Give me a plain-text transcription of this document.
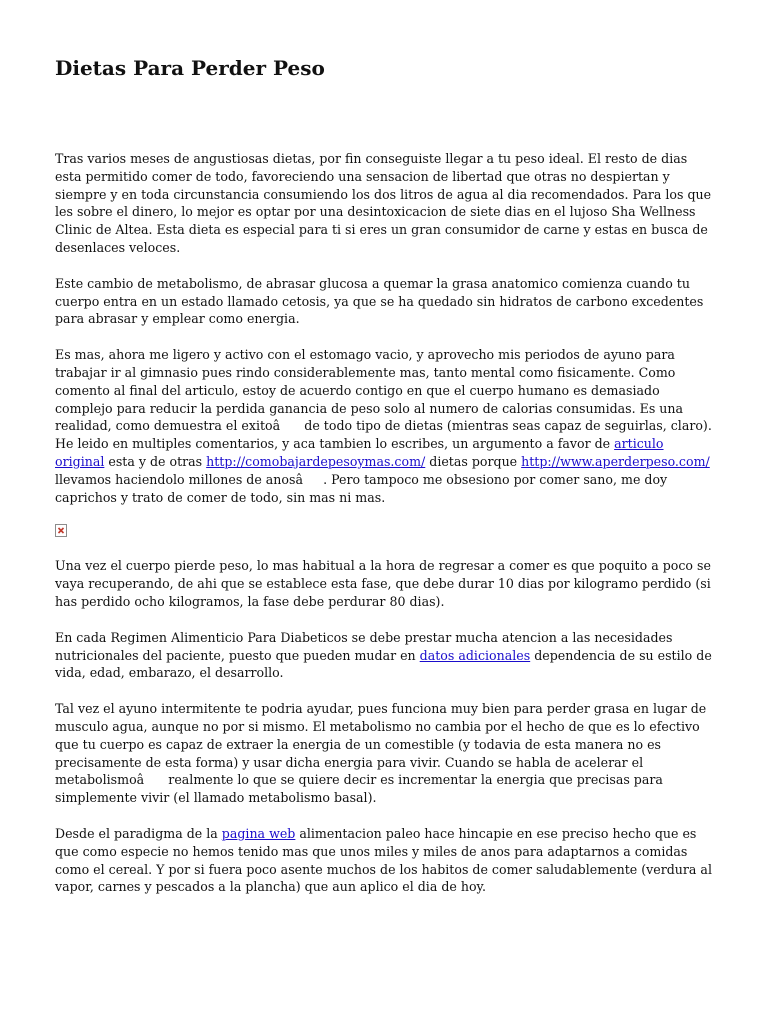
Dietas Para Perder Peso

Tras varios meses de angustiosas dietas, por fin conseguiste llegar a tu peso ideal. El resto de dias esta permitido comer de todo, favoreciendo una sensacion de libertad que otras no despiertan y siempre y en toda circunstancia consumiendo los dos litros de agua al dia recomendados. Para los que les sobre el dinero, lo mejor es optar por una desintoxicacion de siete dias en el lujoso Sha Wellness Clinic de Altea. Esta dieta es especial para ti si eres un gran consumidor de carne y estas en busca de desenlaces veloces.

Este cambio de metabolismo, de abrasar glucosa a quemar la grasa anatomico comienza cuando tu cuerpo entra en un estado llamado cetosis, ya que se ha quedado sin hidratos de carbono excedentes para abrasar y emplear como energia.

Es mas, ahora me ligero y activo con el estomago vacio, y aprovecho mis periodos de ayuno para trabajar ir al gimnasio pues rindo considerablemente mas, tanto mental como fisicamente. Como comento al final del articulo, estoy de acuerdo contigo en que el cuerpo humano es demasiado complejo para reducir la perdida ganancia de peso solo al numero de calorias consumidas. Es una realidad, como demuestra el exitoâ de todo tipo de dietas (mientras seas capaz de seguirlas, claro). He leido en multiples comentarios, y aca tambien lo escribes, un argumento a favor de articulo original esta y de otras http://comobajardepesoymas.com/ dietas porque http://www.aperderpeso.com/ llevamos haciendolo millones de anosâ. Pero tampoco me obsesiono por comer sano, me doy caprichos y trato de comer de todo, sin mas ni mas.

Una vez el cuerpo pierde peso, lo mas habitual a la hora de regresar a comer es que poquito a poco se vaya recuperando, de ahi que se establece esta fase, que debe durar 10 dias por kilogramo perdido (si has perdido ocho kilogramos, la fase debe perdurar 80 dias).

En cada Regimen Alimenticio Para Diabeticos se debe prestar mucha atencion a las necesidades nutricionales del paciente, puesto que pueden mudar en datos adicionales dependencia de su estilo de vida, edad, embarazo, el desarrollo.

Tal vez el ayuno intermitente te podria ayudar, pues funciona muy bien para perder grasa en lugar de musculo agua, aunque no por si mismo. El metabolismo no cambia por el hecho de que es lo efectivo que tu cuerpo es capaz de extraer la energia de un comestible (y todavia de esta manera no es precisamente de esta forma) y usar dicha energia para vivir. Cuando se habla de acelerar el metabolismoâ realmente lo que se quiere decir es incrementar la energia que precisas para simplemente vivir (el llamado metabolismo basal).

Desde el paradigma de la pagina web alimentacion paleo hace hincapie en ese preciso hecho que es que como especie no hemos tenido mas que unos miles y miles de anos para adaptarnos a comidas como el cereal. Y por si fuera poco asente muchos de los habitos de comer saludablemente (verdura al vapor, carnes y pescados a la plancha) que aun aplico el dia de hoy.
